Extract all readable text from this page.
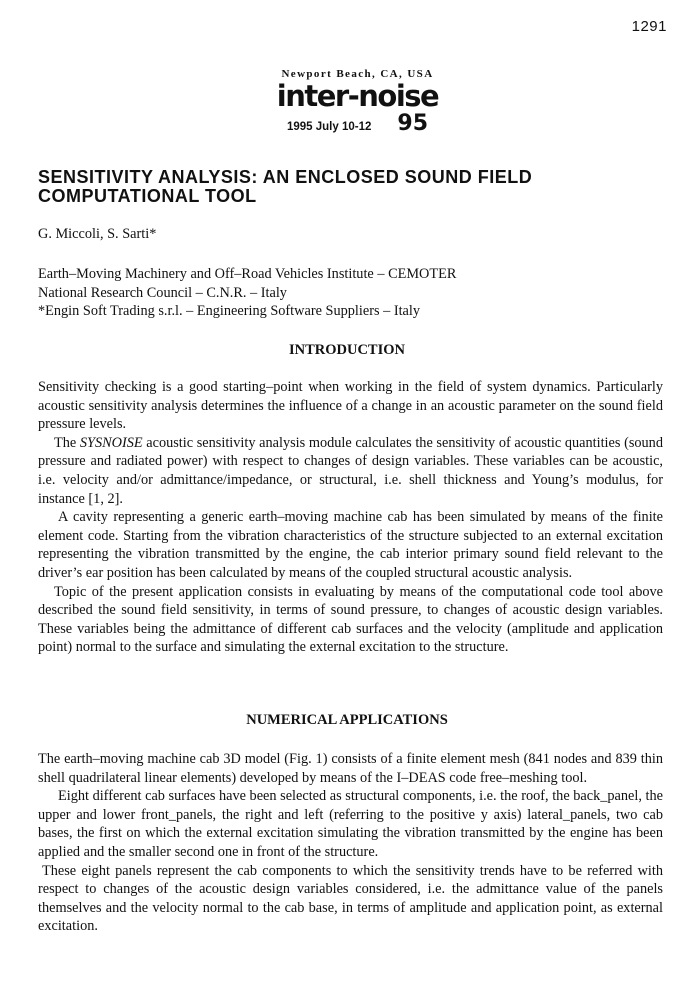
1291
Newport Beach, CA, USA
inter-noise
1995 July 10-12 95
SENSITIVITY ANALYSIS: AN ENCLOSED SOUND FIELD
COMPUTATIONAL TOOL
G. Miccoli, S. Sarti*
Earth–Moving Machinery and Off–Road Vehicles Institute – CEMOTER
National Research Council – C.N.R. – Italy
*Engin Soft Trading s.r.l. – Engineering Software Suppliers – Italy
INTRODUCTION

Sensitivity checking is a good starting–point when working in the field of system dynamics. Particularly acoustic sensitivity analysis determines the influence of a change in an acoustic parameter on the sound field pressure levels.

The SYSNOISE acoustic sensitivity analysis module calculates the sensitivity of acoustic quantities (sound pressure and radiated power) with respect to changes of design variables. These variables can be acoustic, i.e. velocity and/or admittance/impedance, or structural, i.e. shell thickness and Young’s modulus, for instance [1, 2].

A cavity representing a generic earth–moving machine cab has been simulated by means of the finite element code. Starting from the vibration characteristics of the structure subjected to an external excitation representing the vibration transmitted by the engine, the cab interior primary sound field relevant to the driver’s ear position has been calculated by means of the coupled structural acoustic analysis.

Topic of the present application consists in evaluating by means of the computational code tool above described the sound field sensitivity, in terms of sound pressure, to changes of acoustic design variables. These variables being the admittance of different cab surfaces and the velocity (amplitude and application point) normal to the surface and simulating the external excitation to the structure.

NUMERICAL APPLICATIONS

The earth–moving machine cab 3D model (Fig. 1) consists of a finite element mesh (841 nodes and 839 thin shell quadrilateral linear elements) developed by means of the I–DEAS code free–meshing tool.

Eight different cab surfaces have been selected as structural components, i.e. the roof, the back_panel, the upper and lower front_panels, the right and left (referring to the positive y axis) lateral_panels, two cab bases, the first on which the external excitation simulating the vibration transmitted by the engine has been applied and the smaller second one in front of the structure.

These eight panels represent the cab components to which the sensitivity trends have to be referred with respect to changes of the acoustic design variables considered, i.e. the admittance value of the panels themselves and the velocity normal to the cab base, in terms of amplitude and application point, as external excitation.
